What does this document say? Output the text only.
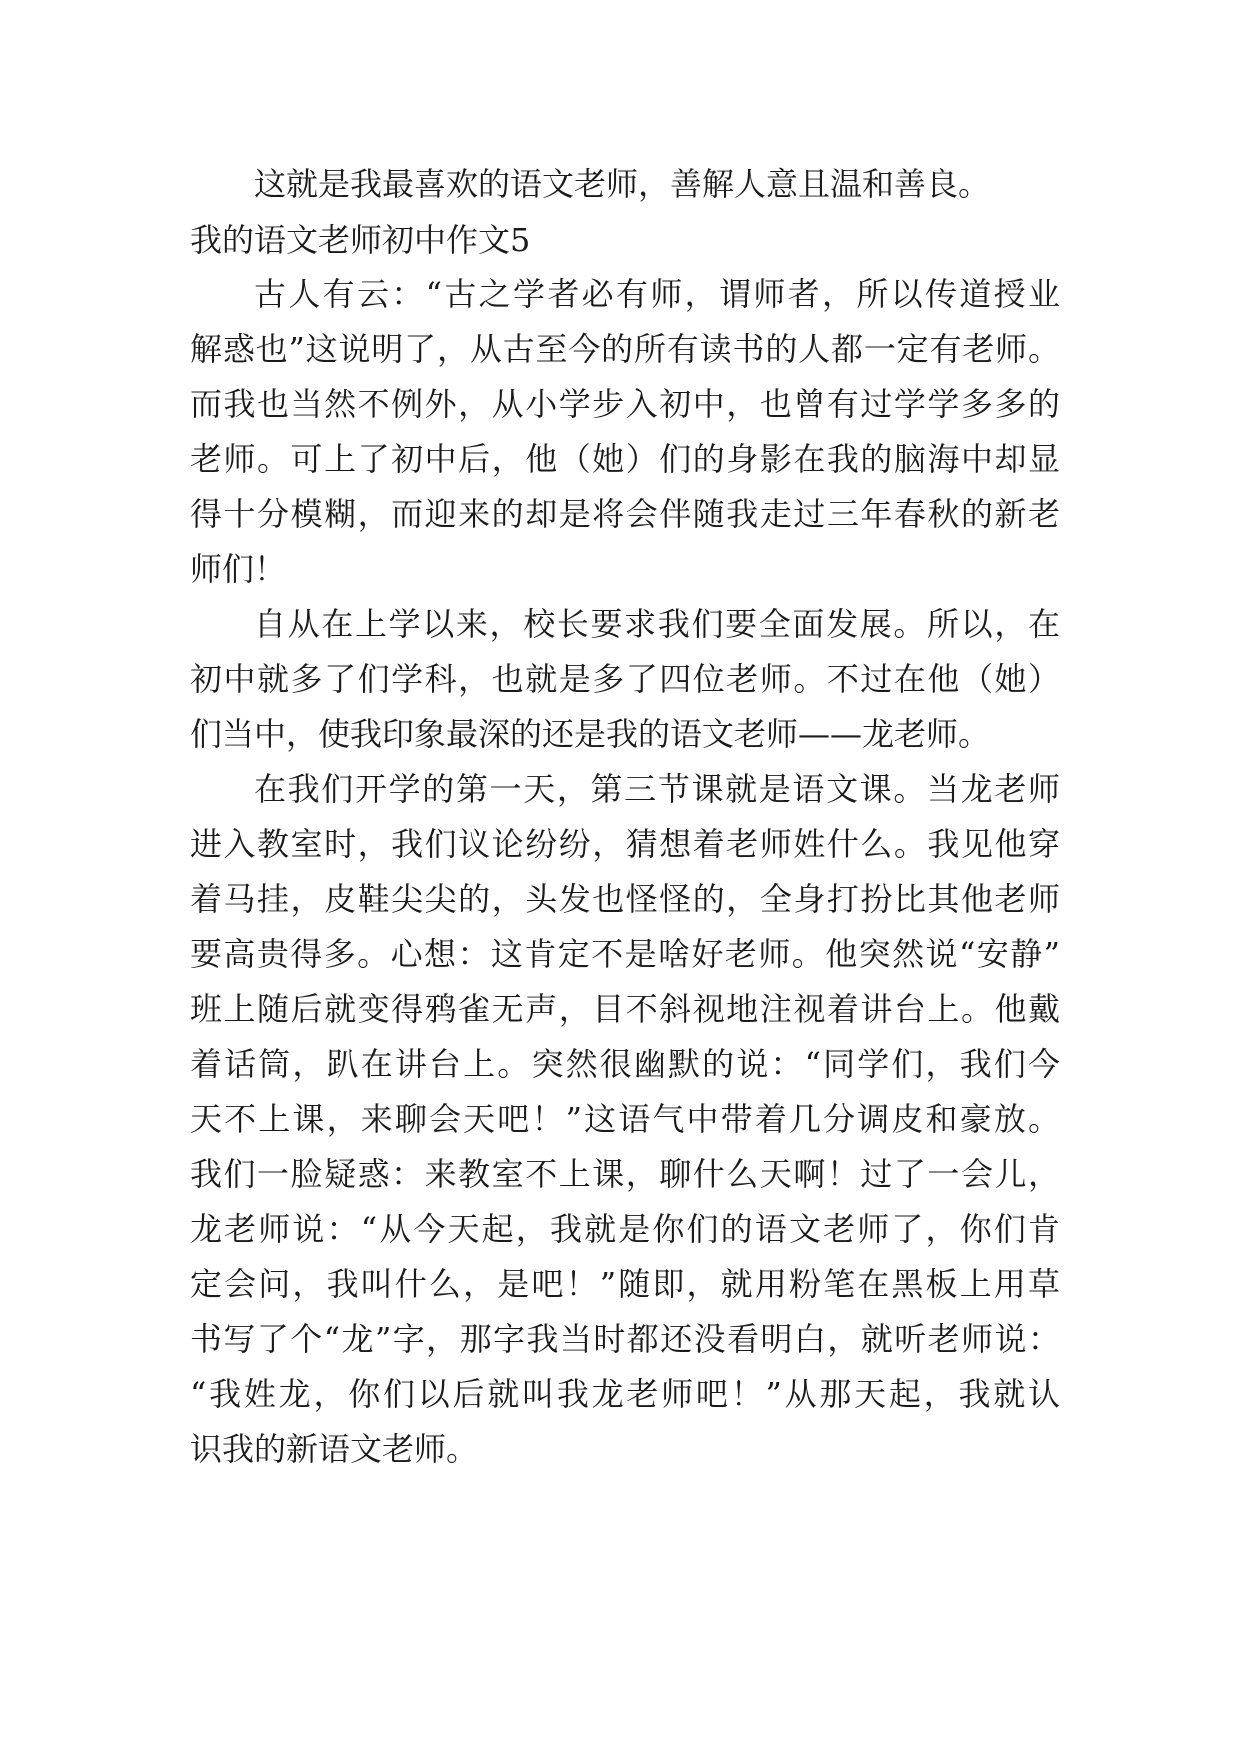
这就是我最喜欢的语文老师，善解人意且温和善良。
我的语文老师初中作文5
古人有云：“古之学者必有师，谓师者，所以传道授业
解惑也”这说明了，从古至今的所有读书的人都一定有老师。
而我也当然不例外，从小学步入初中，也曾有过学学多多的
老师。可上了初中后，他（她）们的身影在我的脑海中却显
得十分模糊，而迎来的却是将会伴随我走过三年春秋的新老
师们！
自从在上学以来，校长要求我们要全面发展。所以，在
初中就多了们学科，也就是多了四位老师。不过在他（她）
们当中，使我印象最深的还是我的语文老师——龙老师。
在我们开学的第一天，第三节课就是语文课。当龙老师
进入教室时，我们议论纷纷，猜想着老师姓什么。我见他穿
着马挂，皮鞋尖尖的，头发也怪怪的，全身打扮比其他老师
要高贵得多。心想：这肯定不是啥好老师。他突然说“安静”
班上随后就变得鸦雀无声，目不斜视地注视着讲台上。他戴
着话筒，趴在讲台上。突然很幽默的说：“同学们，我们今
天不上课，来聊会天吧！”这语气中带着几分调皮和豪放。
我们一脸疑惑：来教室不上课，聊什么天啊！过了一会儿，
龙老师说：“从今天起，我就是你们的语文老师了，你们肯
定会问，我叫什么，是吧！”随即，就用粉笔在黑板上用草
书写了个“龙”字，那字我当时都还没看明白，就听老师说：
“我姓龙，你们以后就叫我龙老师吧！”从那天起，我就认
识我的新语文老师。
